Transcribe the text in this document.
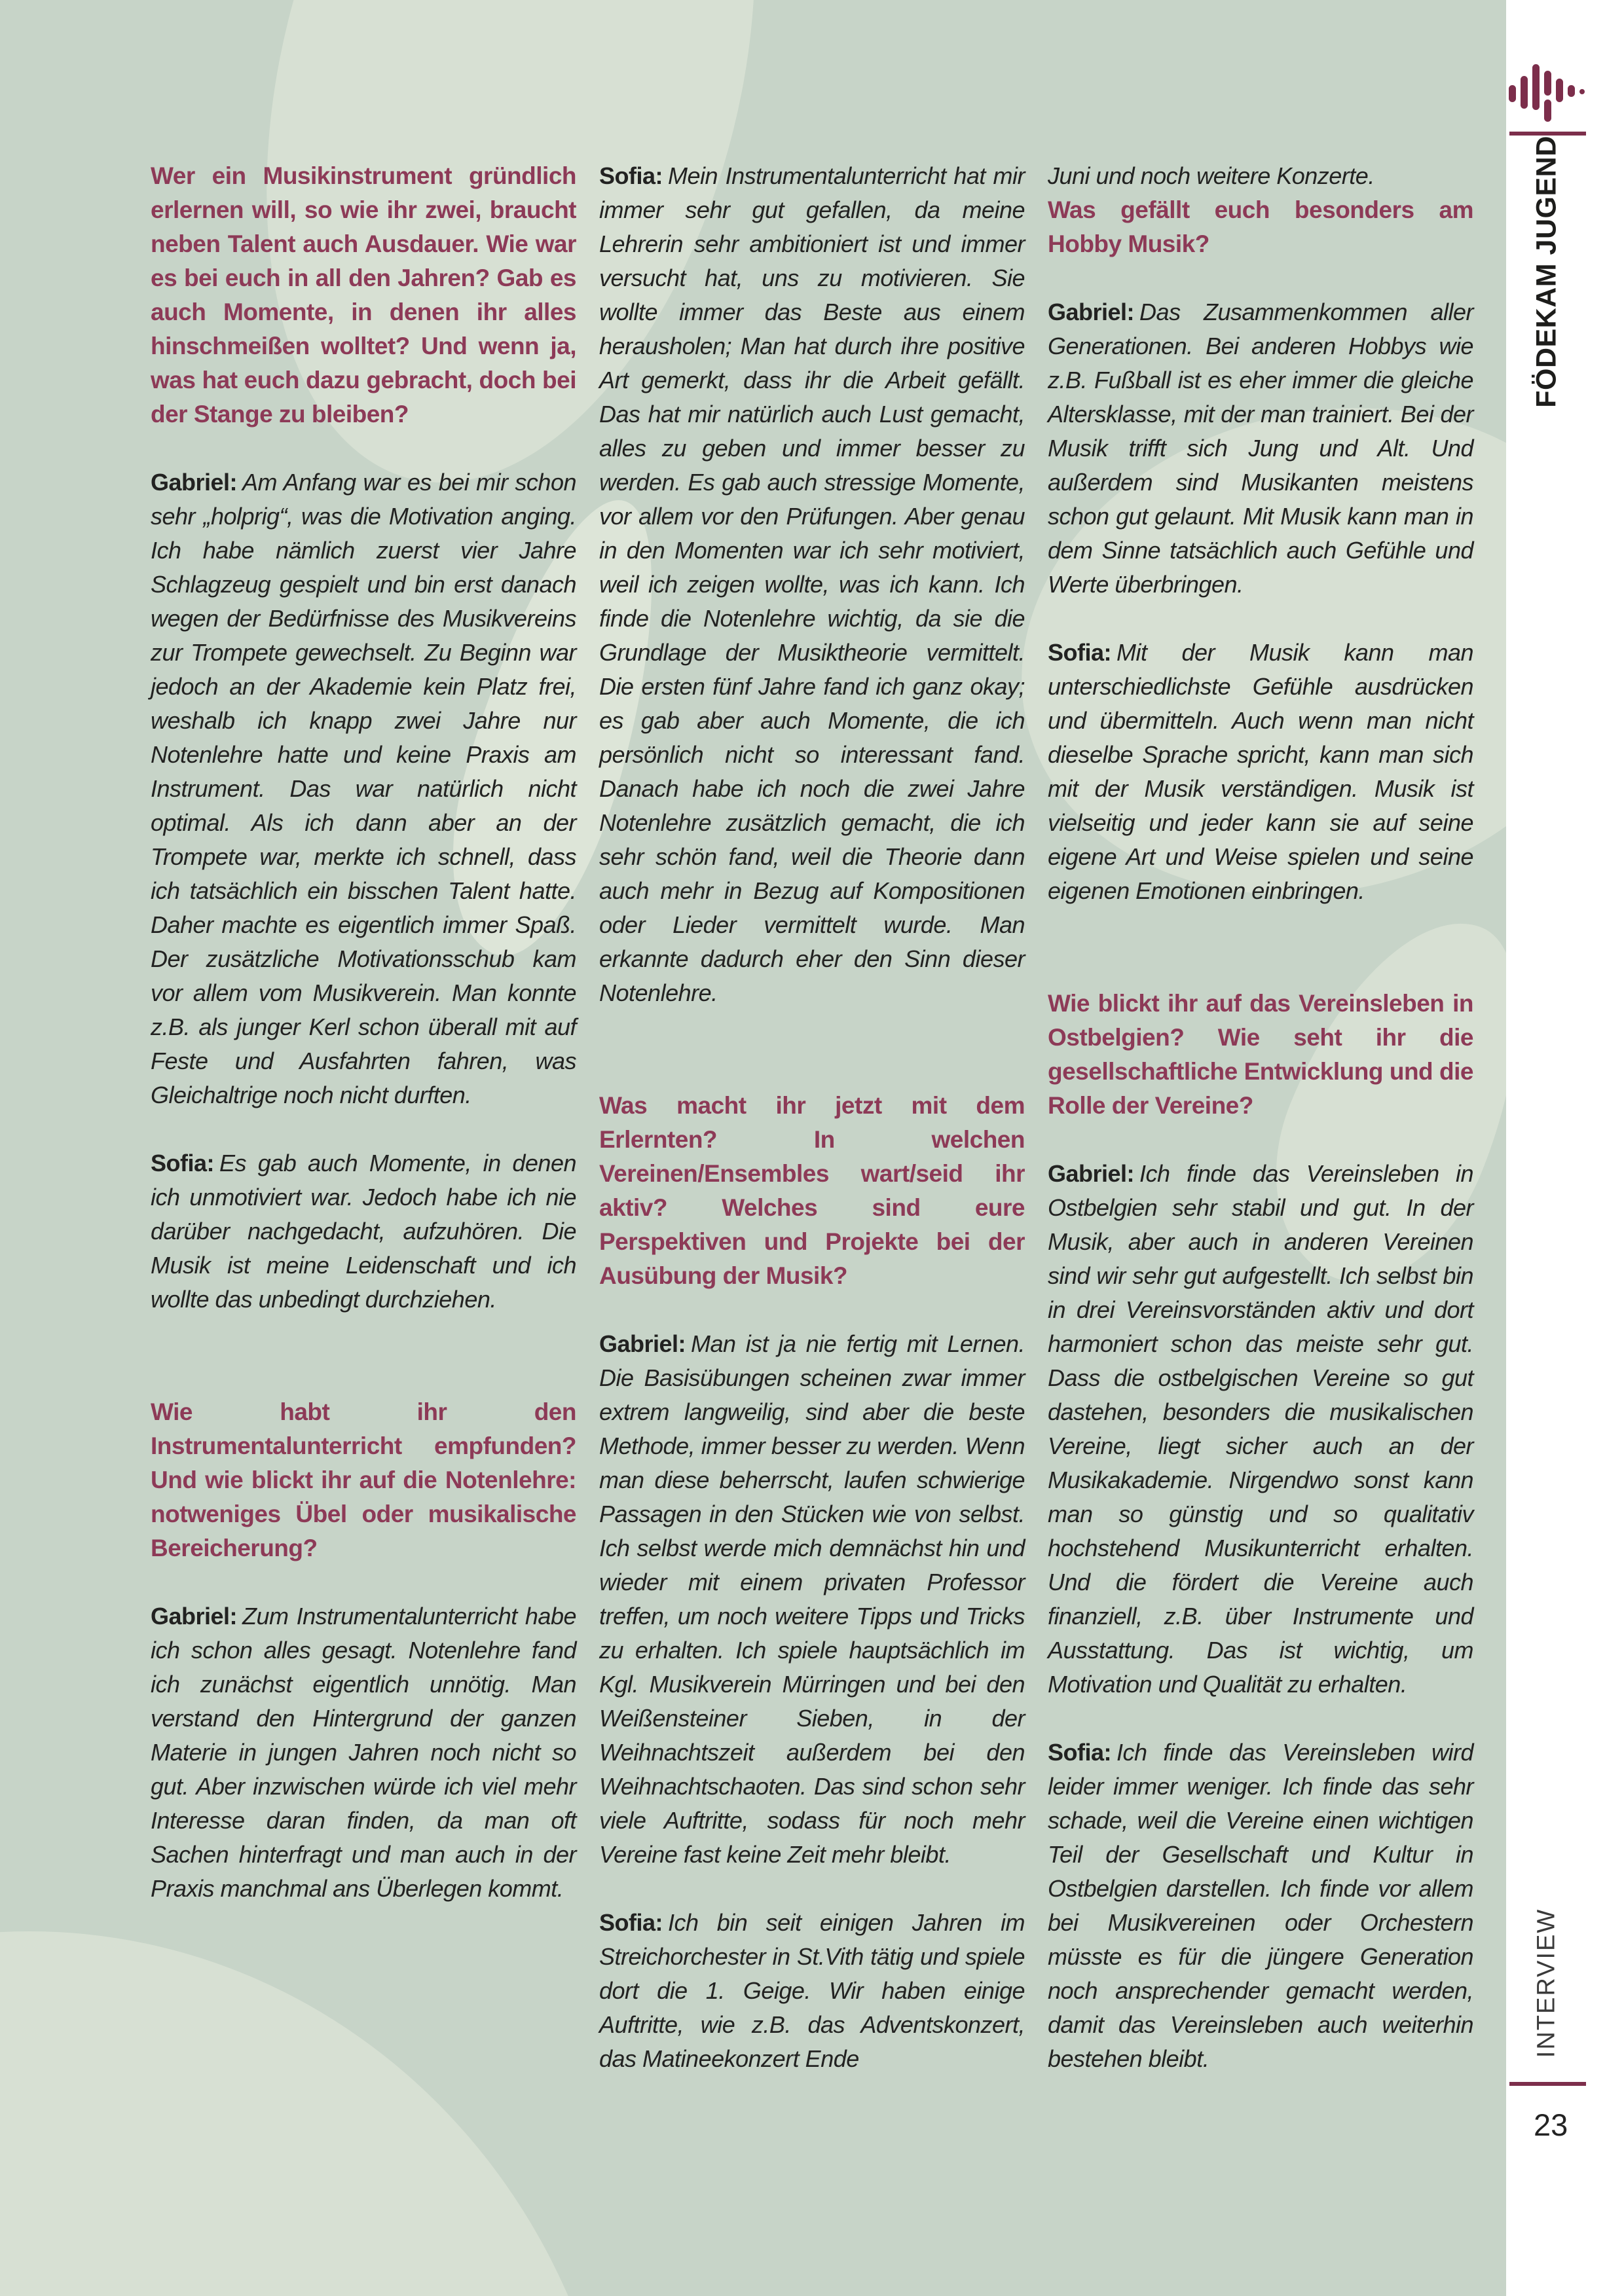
Wer ein Musikinstrument gründlich erlernen will, so wie ihr zwei, braucht neben Talent auch Ausdauer. Wie war es bei euch in all den Jahren? Gab es auch Momente, in denen ihr alles hinschmeißen wolltet? Und wenn ja, was hat euch dazu gebracht, doch bei der Stange zu bleiben?

Gabriel: Am Anfang war es bei mir schon sehr „holprig“, was die Motivation anging. Ich habe nämlich zuerst vier Jahre Schlagzeug gespielt und bin erst danach wegen der Bedürfnisse des Musikvereins zur Trompete gewechselt. Zu Beginn war jedoch an der Akademie kein Platz frei, weshalb ich knapp zwei Jahre nur Notenlehre hatte und keine Praxis am Instrument. Das war natürlich nicht optimal. Als ich dann aber an der Trompete war, merkte ich schnell, dass ich tatsächlich ein bisschen Talent hatte. Daher machte es eigentlich immer Spaß. Der zusätzliche Motivationsschub kam vor allem vom Musikverein. Man konnte z.B. als junger Kerl schon überall mit auf Feste und Ausfahrten fahren, was Gleichaltrige noch nicht durften.

Sofia: Es gab auch Momente, in denen ich unmotiviert war. Jedoch habe ich nie darüber nachgedacht, aufzuhören. Die Musik ist meine Leidenschaft und ich wollte das unbedingt durchziehen.

Wie habt ihr den Instrumentalunterricht empfunden? Und wie blickt ihr auf die Notenlehre: notweniges Übel oder musikalische Bereicherung?

Gabriel: Zum Instrumentalunterricht habe ich schon alles gesagt. Notenlehre fand ich zunächst eigentlich unnötig. Man verstand den Hintergrund der ganzen Materie in jungen Jahren noch nicht so gut. Aber inzwischen würde ich viel mehr Interesse daran finden, da man oft Sachen hinterfragt und man auch in der Praxis manchmal ans Überlegen kommt.

Sofia: Mein Instrumentalunterricht hat mir immer sehr gut gefallen, da meine Lehrerin sehr ambitioniert ist und immer versucht hat, uns zu motivieren. Sie wollte immer das Beste aus einem herausholen; Man hat durch ihre positive Art gemerkt, dass ihr die Arbeit gefällt. Das hat mir natürlich auch Lust gemacht, alles zu geben und immer besser zu werden. Es gab auch stressige Momente, vor allem vor den Prüfungen. Aber genau in den Momenten war ich sehr motiviert, weil ich zeigen wollte, was ich kann. Ich finde die Notenlehre wichtig, da sie die Grundlage der Musiktheorie vermittelt. Die ersten fünf Jahre fand ich ganz okay; es gab aber auch Momente, die ich persönlich nicht so interessant fand. Danach habe ich noch die zwei Jahre Notenlehre zusätzlich gemacht, die ich sehr schön fand, weil die Theorie dann auch mehr in Bezug auf Kompositionen oder Lieder vermittelt wurde. Man erkannte dadurch eher den Sinn dieser Notenlehre.

Was macht ihr jetzt mit dem Erlernten? In welchen Vereinen/Ensembles wart/seid ihr aktiv? Welches sind eure Perspektiven und Projekte bei der Ausübung der Musik?

Gabriel: Man ist ja nie fertig mit Lernen. Die Basisübungen scheinen zwar immer extrem langweilig, sind aber die beste Methode, immer besser zu werden. Wenn man diese beherrscht, laufen schwierige Passagen in den Stücken wie von selbst. Ich selbst werde mich demnächst hin und wieder mit einem privaten Professor treffen, um noch weitere Tipps und Tricks zu erhalten. Ich spiele hauptsächlich im Kgl. Musikverein Mürringen und bei den Weißensteiner Sieben, in der Weihnachtszeit außerdem bei den Weihnachtschaoten. Das sind schon sehr viele Auftritte, sodass für noch mehr Vereine fast keine Zeit mehr bleibt.

Sofia: Ich bin seit einigen Jahren im Streichorchester in St.Vith tätig und spiele dort die 1. Geige. Wir haben einige Auftritte, wie z.B. das Adventskonzert, das Matineekonzert Ende

Juni und noch weitere Konzerte.

Was gefällt euch besonders am Hobby Musik?

Gabriel: Das Zusammenkommen aller Generationen. Bei anderen Hobbys wie z.B. Fußball ist es eher immer die gleiche Altersklasse, mit der man trainiert. Bei der Musik trifft sich Jung und Alt. Und außerdem sind Musikanten meistens schon gut gelaunt. Mit Musik kann man in dem Sinne tatsächlich auch Gefühle und Werte überbringen.

Sofia: Mit der Musik kann man unterschiedlichste Gefühle ausdrücken und übermitteln. Auch wenn man nicht dieselbe Sprache spricht, kann man sich mit der Musik verständigen. Musik ist vielseitig und jeder kann sie auf seine eigene Art und Weise spielen und seine eigenen Emotionen einbringen.

Wie blickt ihr auf das Vereinsleben in Ostbelgien? Wie seht ihr die gesellschaftliche Entwicklung und die Rolle der Vereine?

Gabriel: Ich finde das Vereinsleben in Ostbelgien sehr stabil und gut. In der Musik, aber auch in anderen Vereinen sind wir sehr gut aufgestellt. Ich selbst bin in drei Vereinsvorständen aktiv und dort harmoniert schon das meiste sehr gut. Dass die ostbelgischen Vereine so gut dastehen, besonders die musikalischen Vereine, liegt sicher auch an der Musikakademie. Nirgendwo sonst kann man so günstig und so qualitativ hochstehend Musikunterricht erhalten. Und die fördert die Vereine auch finanziell, z.B. über Instrumente und Ausstattung. Das ist wichtig, um Motivation und Qualität zu erhalten.

Sofia: Ich finde das Vereinsleben wird leider immer weniger. Ich finde das sehr schade, weil die Vereine einen wichtigen Teil der Gesellschaft und Kultur in Ostbelgien darstellen. Ich finde vor allem bei Musikvereinen oder Orchestern müsste es für die jüngere Generation noch ansprechender gemacht werden, damit das Vereinsleben auch weiterhin bestehen bleibt.

FÖDEKAM JUGEND
INTERVIEW
23
